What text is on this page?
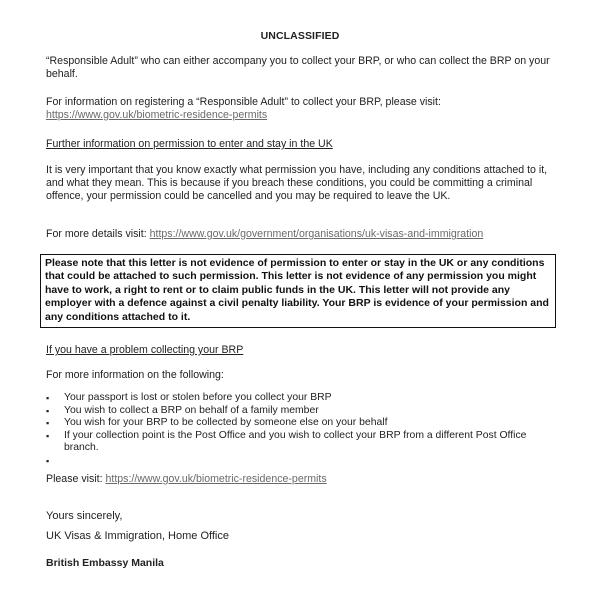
UNCLASSIFIED

“Responsible Adult” who can either accompany you to collect your BRP, or who can collect the BRP on your behalf.

For information on registering a “Responsible Adult” to collect your BRP, please visit:
https://www.gov.uk/biometric-residence-permits

Further information on permission to enter and stay in the UK

It is very important that you know exactly what permission you have, including any conditions attached to it, and what they mean. This is because if you breach these conditions, you could be committing a criminal offence, your permission could be cancelled and you may be required to leave the UK.

For more details visit: https://www.gov.uk/government/organisations/uk-visas-and-immigration

Please note that this letter is not evidence of permission to enter or stay in the UK or any conditions that could be attached to such permission. This letter is not evidence of any permission you might have to work, a right to rent or to claim public funds in the UK. This letter will not provide any employer with a defence against a civil penalty liability. Your BRP is evidence of your permission and any conditions attached to it.

If you have a problem collecting your BRP

For more information on the following:

▪ Your passport is lost or stolen before you collect your BRP
▪ You wish to collect a BRP on behalf of a family member
▪ You wish for your BRP to be collected by someone else on your behalf
▪ If your collection point is the Post Office and you wish to collect your BRP from a different Post Office branch.
▪

Please visit: https://www.gov.uk/biometric-residence-permits

Yours sincerely,
UK Visas & Immigration, Home Office
British Embassy Manila
